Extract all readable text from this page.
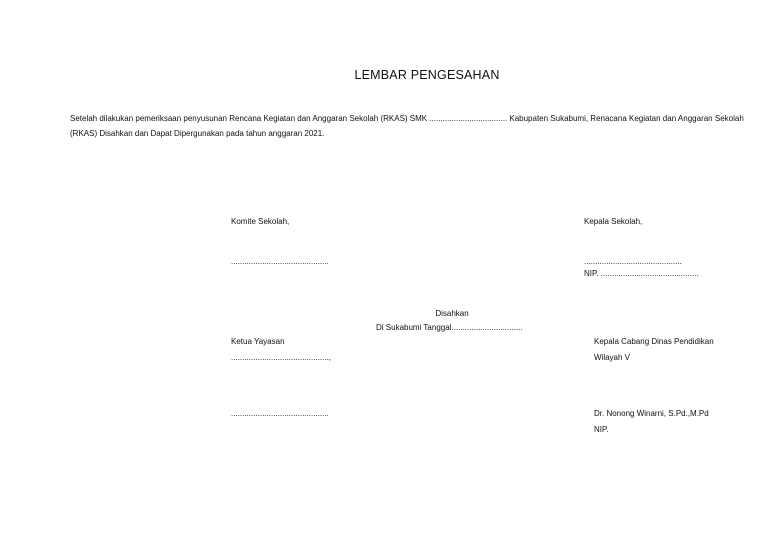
LEMBAR PENGESAHAN
Setelah dilakukan pemeriksaan penyusunan Rencana Kegiatan dan Anggaran Sekolah (RKAS) SMK ................................... Kabupaten Sukabumi, Renacana Kegiatan dan Anggaran Sekolah (RKAS) Disahkan dan Dapat Dipergunakan pada tahun anggaran 2021.
Komite Sekolah,
............................................
Kepala Sekolah,
............................................
NIP. ............................................
Disahkan
Di Sukabumi Tanggal................................
Ketua Yayasan
............................................,
............................................
Kepala Cabang Dinas Pendidikan
Wilayah V
Dr. Nonong Winarni, S.Pd.,M.Pd
NIP.
